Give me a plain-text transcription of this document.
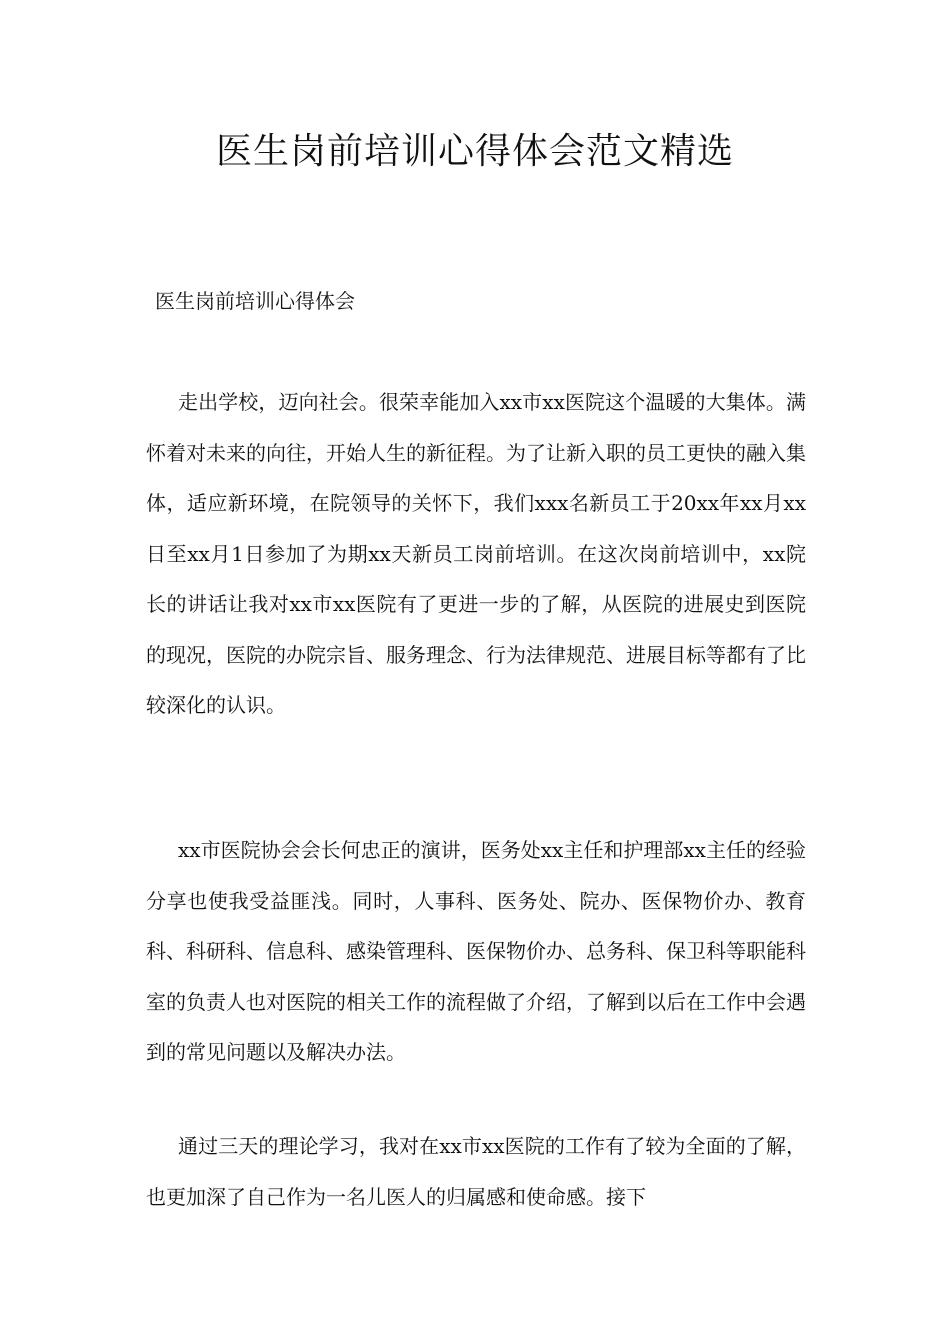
医生岗前培训心得体会范文精选

医生岗前培训心得体会

走出学校，迈向社会。很荣幸能加入xx市xx医院这个温暖的大集体。满怀着对未来的向往，开始人生的新征程。为了让新入职的员工更快的融入集体，适应新环境，在院领导的关怀下，我们xxx名新员工于20xx年xx月xx日至xx月1日参加了为期xx天新员工岗前培训。在这次岗前培训中，xx院长的讲话让我对xx市xx医院有了更进一步的了解，从医院的进展史到医院的现况，医院的办院宗旨、服务理念、行为法律规范、进展目标等都有了比较深化的认识。

xx市医院协会会长何忠正的演讲，医务处xx主任和护理部xx主任的经验分享也使我受益匪浅。同时，人事科、医务处、院办、医保物价办、教育科、科研科、信息科、感染管理科、医保物价办、总务科、保卫科等职能科室的负责人也对医院的相关工作的流程做了介绍，了解到以后在工作中会遇到的常见问题以及解决办法。

通过三天的理论学习，我对在xx市xx医院的工作有了较为全面的了解，也更加深了自己作为一名儿医人的归属感和使命感。接下
